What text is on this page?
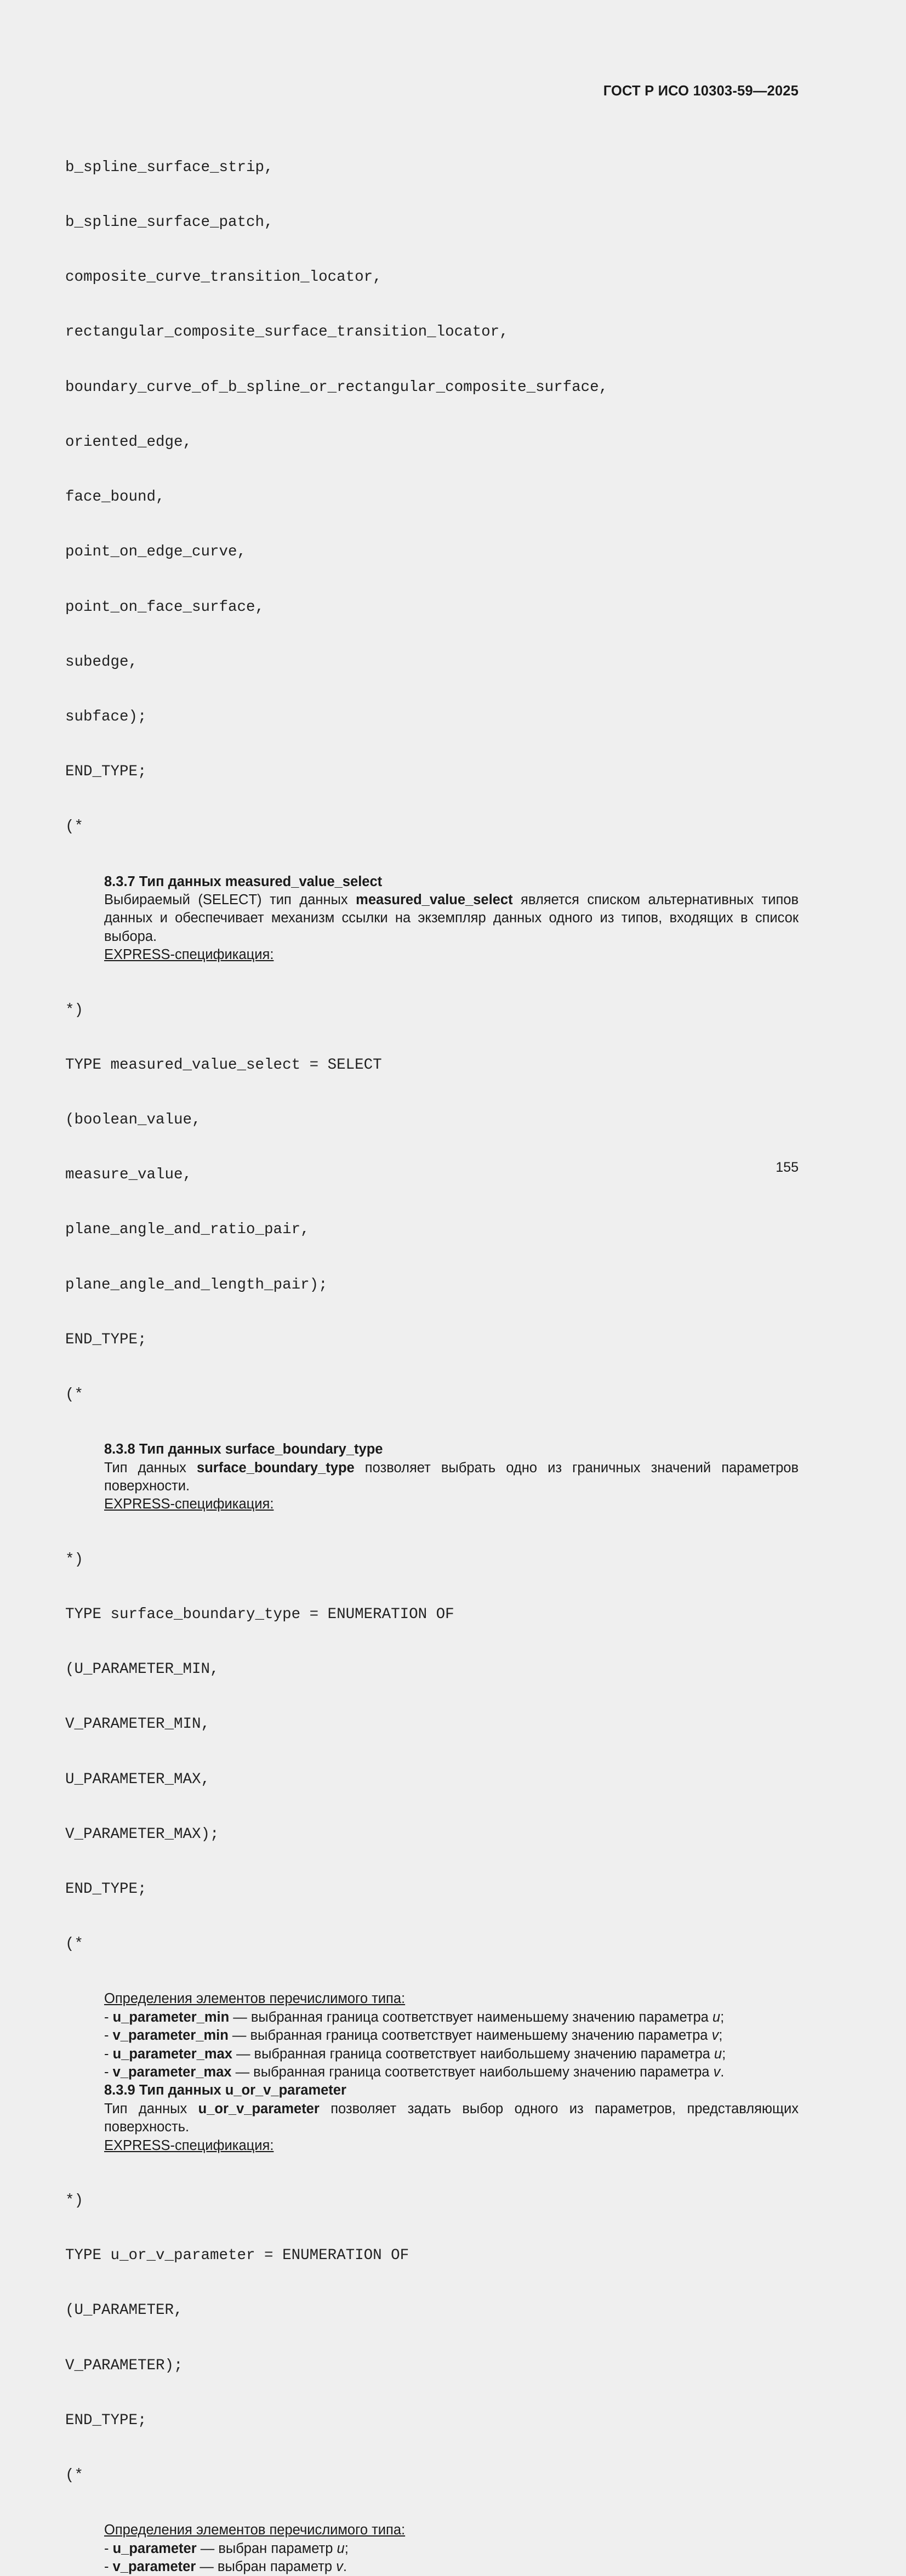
ГОСТ Р ИСО 10303-59—2025

b_spline_surface_strip,

b_spline_surface_patch,

composite_curve_transition_locator,

rectangular_composite_surface_transition_locator,

boundary_curve_of_b_spline_or_rectangular_composite_surface,

oriented_edge,

face_bound,

point_on_edge_curve,

point_on_face_surface,

subedge,

subface);

END_TYPE;

(*

8.3.7 Тип данных measured_value_select
Выбираемый (SELECT) тип данных measured_value_select является списком альтернативных типов данных и обеспечивает механизм ссылки на экземпляр данных одного из типов, входящих в список выбора.
EXPRESS-спецификация:

*)

TYPE measured_value_select = SELECT

(boolean_value,

measure_value,

plane_angle_and_ratio_pair,

plane_angle_and_length_pair);

END_TYPE;

(*

8.3.8 Тип данных surface_boundary_type
Тип данных surface_boundary_type позволяет выбрать одно из граничных значений параметров поверхности.
EXPRESS-спецификация:

*)

TYPE surface_boundary_type = ENUMERATION OF

(U_PARAMETER_MIN,

V_PARAMETER_MIN,

U_PARAMETER_MAX,

V_PARAMETER_MAX);

END_TYPE;

(*

Определения элементов перечислимого типа:
- u_parameter_min — выбранная граница соответствует наименьшему значению параметра u;
- v_parameter_min — выбранная граница соответствует наименьшему значению параметра v;
- u_parameter_max — выбранная граница соответствует наибольшему значению параметра u;
- v_parameter_max — выбранная граница соответствует наибольшему значению параметра v.
8.3.9 Тип данных u_or_v_parameter
Тип данных u_or_v_parameter позволяет задать выбор одного из параметров, представляющих поверхность.
EXPRESS-спецификация:

*)

TYPE u_or_v_parameter = ENUMERATION OF

(U_PARAMETER,

V_PARAMETER);

END_TYPE;

(*

Определения элементов перечислимого типа:
- u_parameter — выбран параметр u;
- v_parameter — выбран параметр v.
155
